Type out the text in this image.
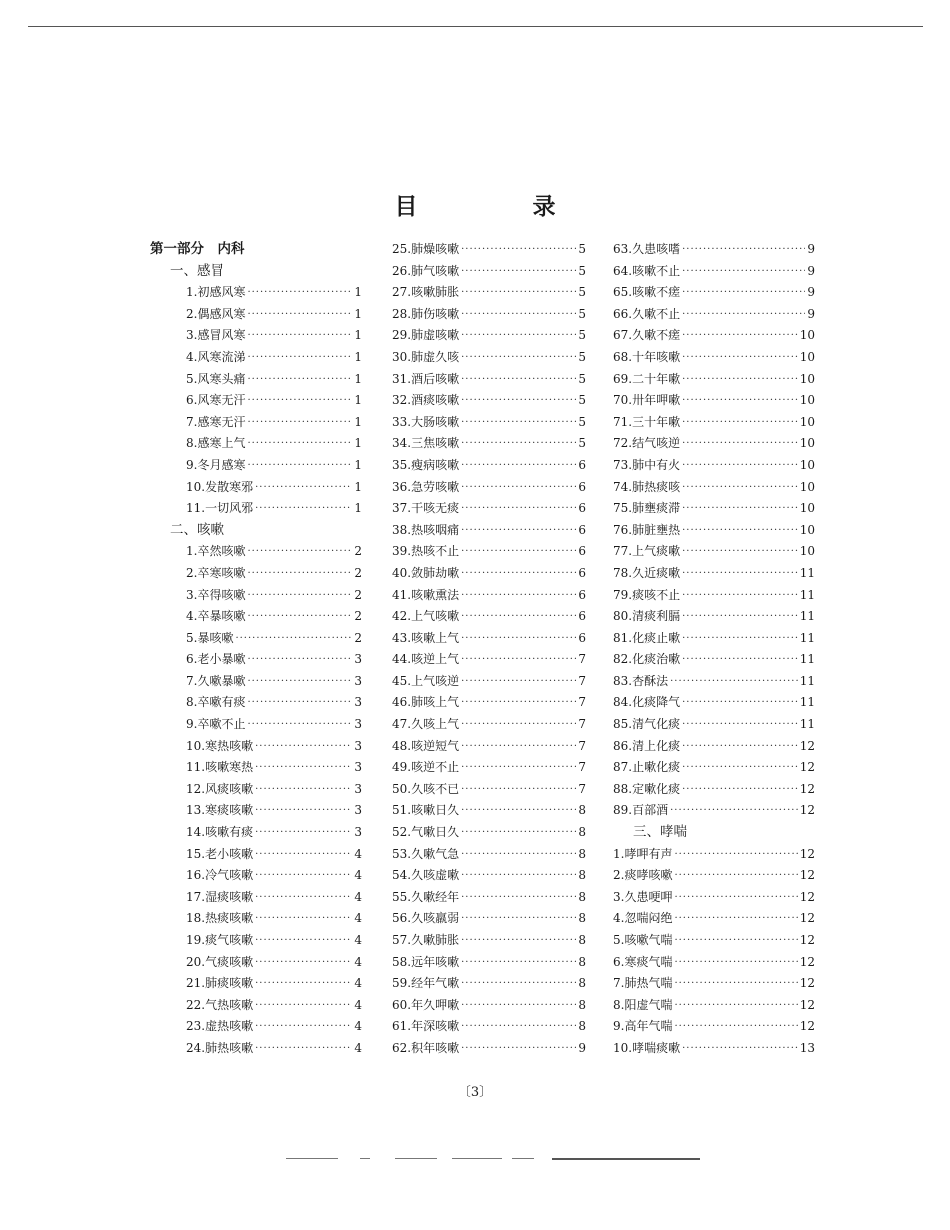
目　录
第一部分　内科
一、感冒
1.初感风寒 ·····	1
2.偶感风寒 ·····	1
3.感冒风寒 ·····	1
4.风寒流涕 ·····	1
5.风寒头痛 ·····	1
6.风寒无汗 ·····	1
7.感寒无汗 ·····	1
8.感寒上气 ·····	1
9.冬月感寒 ·····	1
10.发散寒邪 ·····	1
11.一切风邪 ·····	1
二、咳嗽
1.卒然咳嗽 ·····	2
2.卒寒咳嗽 ·····	2
3.卒得咳嗽 ·····	2
4.卒暴咳嗽 ·····	2
5.暴咳嗽 ·····	2
6.老小暴嗽 ·····	3
7.久嗽暴嗽 ·····	3
8.卒嗽有痰 ·····	3
9.卒嗽不止 ·····	3
10.寒热咳嗽 ·····	3
11.咳嗽寒热 ·····	3
12.风痰咳嗽 ·····	3
13.寒痰咳嗽 ·····	3
14.咳嗽有痰 ·····	3
15.老小咳嗽 ·····	4
16.冷气咳嗽 ·····	4
17.湿痰咳嗽 ·····	4
18.热痰咳嗽 ·····	4
19.痰气咳嗽 ·····	4
20.气痰咳嗽 ·····	4
21.肺痰咳嗽 ·····	4
22.气热咳嗽 ·····	4
23.虚热咳嗽 ·····	4
24.肺热咳嗽 ·····	4
25.肺燥咳嗽 ·····	5
26.肺气咳嗽 ·····	5
27.咳嗽肺胀 ·····	5
28.肺伤咳嗽 ·····	5
29.肺虚咳嗽 ·····	5
30.肺虚久咳 ·····	5
31.酒后咳嗽 ·····	5
32.酒痰咳嗽 ·····	5
33.大肠咳嗽 ·····	5
34.三焦咳嗽 ·····	5
35.瘦病咳嗽 ·····	6
36.急劳咳嗽 ·····	6
37.干咳无痰 ·····	6
38.热咳咽痛 ·····	6
39.热咳不止 ·····	6
40.敛肺劫嗽 ·····	6
41.咳嗽熏法 ·····	6
42.上气咳嗽 ·····	6
43.咳嗽上气 ·····	6
44.咳逆上气 ·····	7
45.上气咳逆 ·····	7
46.肺咳上气 ·····	7
47.久咳上气 ·····	7
48.咳逆短气 ·····	7
49.咳逆不止 ·····	7
50.久咳不已 ·····	7
51.咳嗽日久 ·····	8
52.气嗽日久 ·····	8
53.久嗽气急 ·····	8
54.久咳虚嗽 ·····	8
55.久嗽经年 ·····	8
56.久咳羸弱 ·····	8
57.久嗽肺胀 ·····	8
58.远年咳嗽 ·····	8
59.经年气嗽 ·····	8
60.年久呷嗽 ·····	8
61.年深咳嗽 ·····	8
62.积年咳嗽 ·····	9
63.久患咳嗜 ·····	9
64.咳嗽不止 ·····	9
65.咳嗽不瘥 ·····	9
66.久嗽不止 ·····	9
67.久嗽不瘥 ·····	10
68.十年咳嗽 ·····	10
69.二十年嗽 ·····	10
70.卅年呷嗽 ·····	10
71.三十年嗽 ·····	10
72.结气咳逆 ·····	10
73.肺中有火 ·····	10
74.肺热痰咳 ·····	10
75.肺壅痰滞 ·····	10
76.肺脏壅热 ·····	10
77.上气痰嗽 ·····	10
78.久近痰嗽 ·····	11
79.痰咳不止 ·····	11
80.清痰利膈 ·····	11
81.化痰止嗽 ·····	11
82.化痰治嗽 ·····	11
83.杏酥法 ·····	11
84.化痰降气 ·····	11
85.清气化痰 ·····	11
86.清上化痰 ·····	12
87.止嗽化痰 ·····	12
88.定嗽化痰 ·····	12
89.百部酒 ·····	12
三、哮喘
1.哮呷有声 ·····	12
2.痰哮咳嗽 ·····	12
3.久患哽呷 ·····	12
4.忽喘闷绝 ·····	12
5.咳嗽气喘 ·····	12
6.寒痰气喘 ·····	12
7.肺热气喘 ·····	12
8.阳虚气喘 ·····	12
9.高年气喘 ·····	12
10.哮喘痰嗽 ·····	13
〔3〕
